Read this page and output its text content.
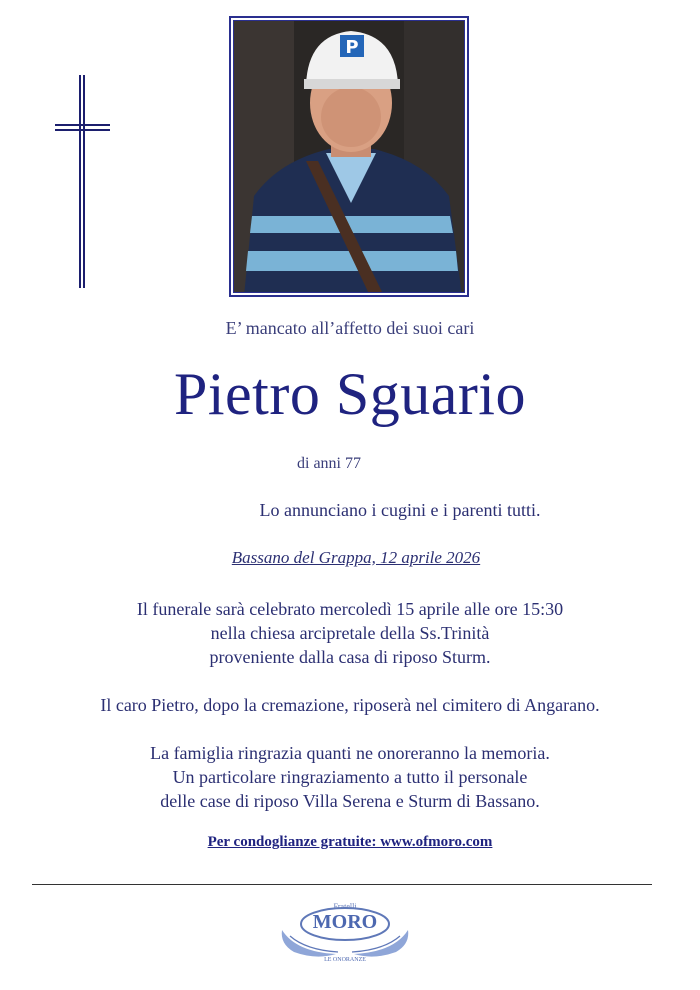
P
E’ mancato all’affetto dei suoi cari
Pietro Sguario
di anni 77
Lo annunciano i cugini e i parenti tutti.
Bassano del Grappa, 12 aprile 2026
Il funerale sarà celebrato mercoledì 15 aprile alle ore 15:30
nella chiesa arcipretale della Ss.Trinità
proveniente dalla casa di riposo Sturm.
Il caro Pietro, dopo la cremazione, riposerà nel cimitero di Angarano.
La famiglia ringrazia quanti ne onoreranno la memoria.
Un particolare ringraziamento a tutto il personale
delle case di riposo Villa Serena e Sturm di Bassano.
Per condoglianze gratuite: www.ofmoro.com
Fratelli
MORO
LE ONORANZE
